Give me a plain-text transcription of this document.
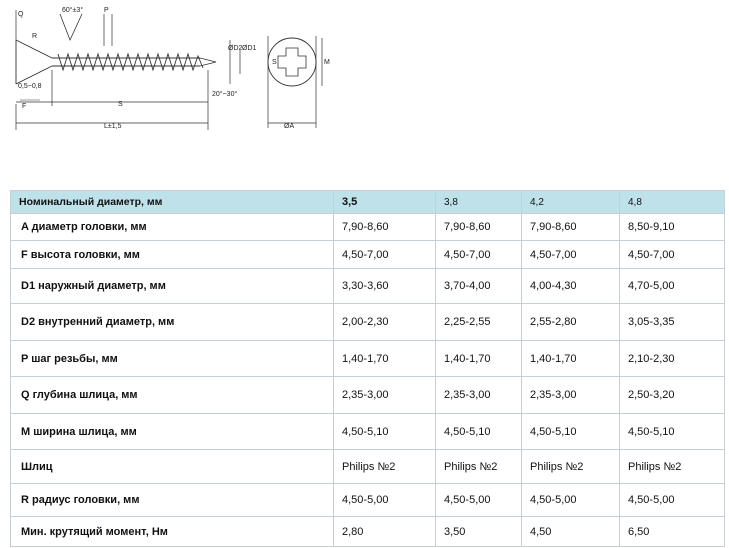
Q
60°±3°	P
R
ØD2 ØD1
0,5~0,8
F	S
20°~30°
L±1,5	ØA
S	M
Номинальный диаметр, мм	3,5	3,8	4,2	4,8
A диаметр головки, мм	7,90-8,60	7,90-8,60	7,90-8,60	8,50-9,10
F высота головки, мм	4,50-7,00	4,50-7,00	4,50-7,00	4,50-7,00
D1 наружный диаметр, мм	3,30-3,60	3,70-4,00	4,00-4,30	4,70-5,00
D2 внутренний диаметр, мм	2,00-2,30	2,25-2,55	2,55-2,80	3,05-3,35
P шаг резьбы, мм	1,40-1,70	1,40-1,70	1,40-1,70	2,10-2,30
Q глубина шлица, мм	2,35-3,00	2,35-3,00	2,35-3,00	2,50-3,20
M ширина шлица, мм	4,50-5,10	4,50-5,10	4,50-5,10	4,50-5,10
Шлиц	Philips №2	Philips №2	Philips №2	Philips №2
R радиус головки, мм	4,50-5,00	4,50-5,00	4,50-5,00	4,50-5,00
Мин. крутящий момент, Нм	2,80	3,50	4,50	6,50
